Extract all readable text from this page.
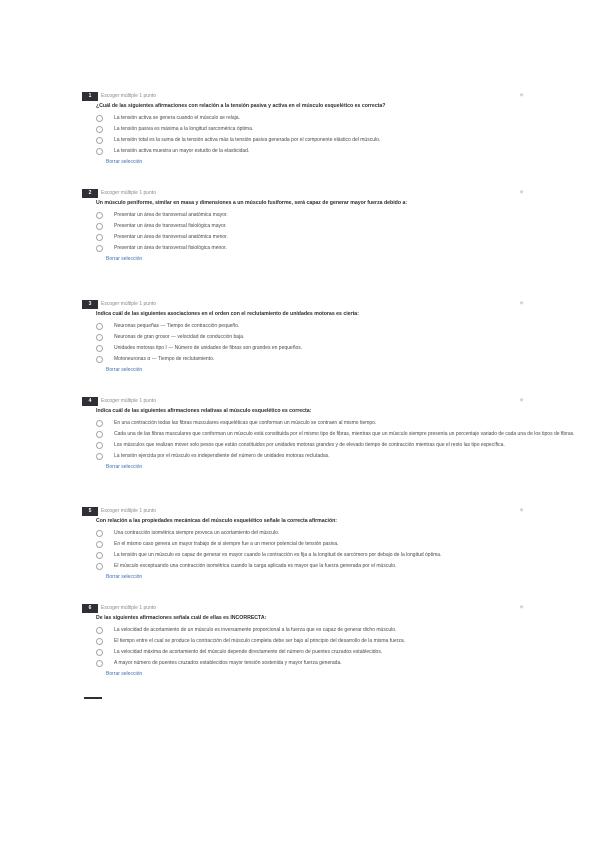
1	Escoger múltiple 1 punto	✧
¿Cuál de las siguientes afirmaciones con relación a la tensión pasiva y activa en el músculo esquelético es correcta?
La tensión activa se genera cuando el músculo se relaja.
La tensión pasiva es máxima a la longitud sarcomérica óptima.
La tensión total es la suma de la tensión activa más la tensión pasiva generada por el componente elástico del músculo.
La tensión activa muestra un mayor estudio de la elasticidad.
Borrar selección
2	Escoger múltiple 1 punto	✧
Un músculo peniforme, similar en masa y dimensiones a un músculo fusiforme, será capaz de generar mayor fuerza debido a:
Presentar un área de transversal anatómica mayor.
Presentar un área de transversal fisiológica mayor.
Presentar un área de transversal anatómica menor.
Presentar un área de transversal fisiológica menor.
Borrar selección
3	Escoger múltiple 1 punto	✧
Indica cuál de las siguientes asociaciones en el orden con el reclutamiento de unidades motoras es cierta:
Neuronas pequeñas --- Tiempo de contracción pequeño.
Neuronas de gran grosor --- velocidad de conducción baja.
Unidades motoras tipo I --- Número de unidades de fibras son grandes en pequeños.
Motoneuronas α --- Tiempo de reclutamiento.
Borrar selección
4	Escoger múltiple 1 punto	✧
Indica cuál de las siguientes afirmaciones relativas al músculo esquelético es correcta:
En una contracción todas las fibras musculares esqueléticas que conforman un músculo se contraen al mismo tiempo.
Cada una de las fibras musculares que conforman un músculo está constituida por el mismo tipo de fibras, mientras que un músculo siempre presenta un porcentaje variado de cada una de los tipos de fibras.
Los músculos que realizan mover solo pesos que están constituidos por unidades motoras grandes y de elevado tiempo de contracción mientras que el resto las tipo específica.
La tensión ejercida por el músculo es independiente del número de unidades motoras reclutadas.
Borrar selección
5	Escoger múltiple 1 punto	✧
Con relación a las propiedades mecánicas del músculo esquelético señale la correcta afirmación:
Una contracción isométrica siempre provoca un acortamiento del músculo.
En el mismo caso genera un mayor trabajo de si siempre fue a un menor potencial de tensión pasiva.
La tensión que un músculo es capaz de generar es mayor cuando la contracción es fija a la longitud de sarcómero por debajo de la longitud óptima.
El músculo exceptuando una contracción isométrica cuando la carga aplicada es mayor que la fuerza generada por el músculo.
Borrar selección
6	Escoger múltiple 1 punto	✧
De las siguientes afirmaciones señala cuál de ellas es INCORRECTA:
La velocidad de acortamiento de un músculo es inversamente proporcional a la fuerza que es capaz de generar dicho músculo.
El tiempo entre el cual se produce la contracción del músculo completa debe ser bajo al principio del desarrollo de la misma fuerza.
La velocidad máxima de acortamiento del músculo depende directamente del número de puentes cruzados establecidos.
A mayor número de puentes cruzados establecidos mayor tensión sostenida y mayor fuerza generada.
Borrar selección
